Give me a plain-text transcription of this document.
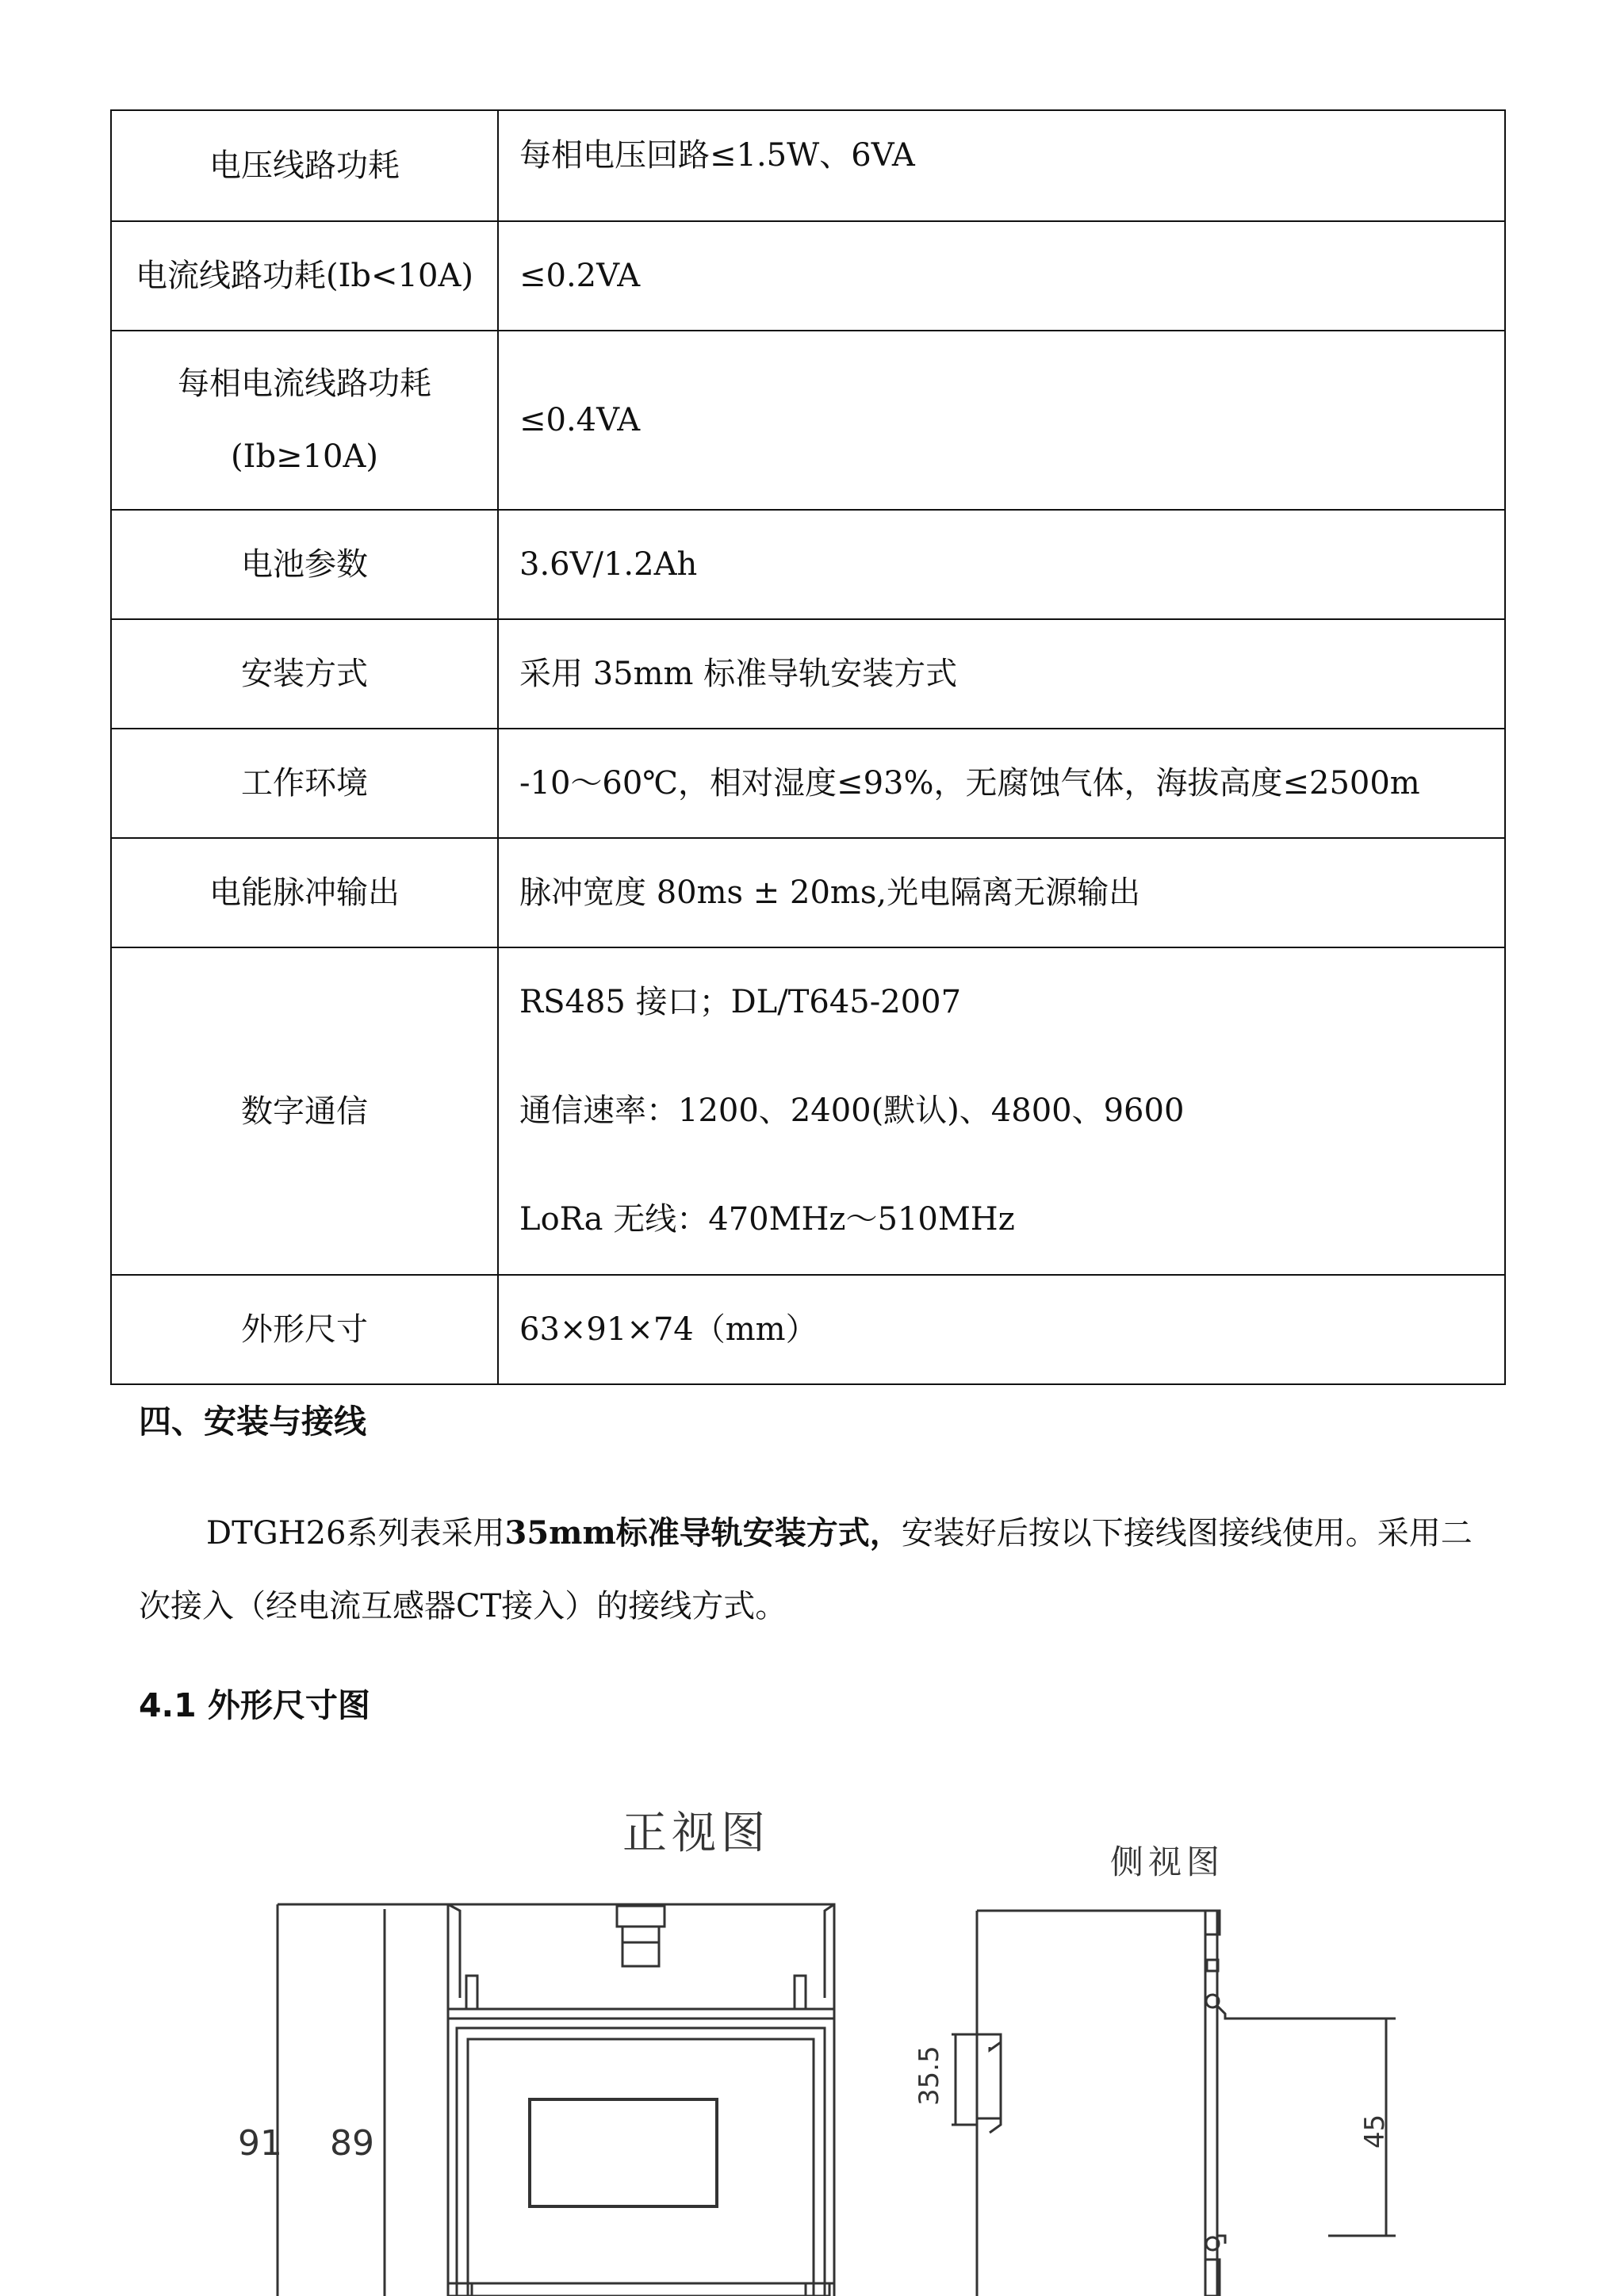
电压线路功耗	每相电压回路≤1.5W、6VA
电流线路功耗(Ib<10A)	≤0.2VA

每相电流线路功耗
(Ib≥10A)	≤0.4VA
电池参数	3.6V/1.2Ah
安装方式	采用 35mm 标准导轨安装方式
工作环境	-10～60℃，相对湿度≤93%，无腐蚀气体，海拔高度≤2500m
电能脉冲输出	脉冲宽度 80ms ± 20ms,光电隔离无源输出
数字通信	RS485 接口；DL/T645-2007
通信速率：1200、2400(默认)、4800、9600
LoRa 无线：470MHz～510MHz

外形尺寸	63×91×74（mm）
四、安装与接线

DTGH26系列表采用35mm标准导轨安装方式，安装好后按以下接线图接线使用。采用二次接入（经电流互感器CT接入）的接线方式。

4.1 外形尺寸图
正视图
侧视图
91 89
35.5
45
